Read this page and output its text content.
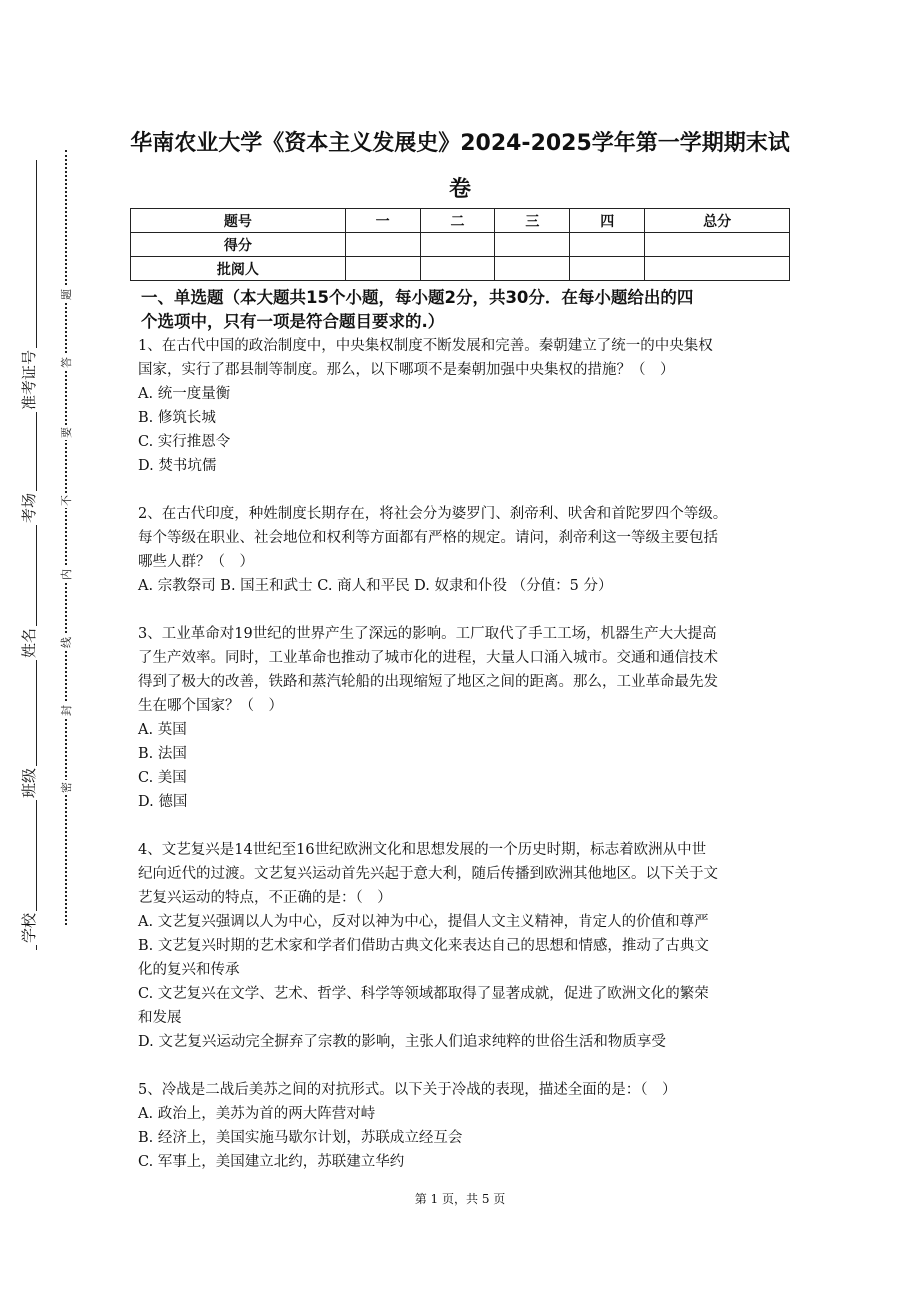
学校
班级
姓名
考场
准考证号
密
封
线
内
不
要
答
题
华南农业大学《资本主义发展史》2024-2025学年第一学期期末试
卷
题号	一	二	三	四	总分
得分					
批阅人					
一、单选题（本大题共15个小题，每小题2分，共30分．在每小题给出的四
个选项中，只有一项是符合题目要求的.）

1、在古代中国的政治制度中，中央集权制度不断发展和完善。秦朝建立了统一的中央集权

国家，实行了郡县制等制度。那么，以下哪项不是秦朝加强中央集权的措施？（　）

A. 统一度量衡

B. 修筑长城

C. 实行推恩令

D. 焚书坑儒

2、在古代印度，种姓制度长期存在，将社会分为婆罗门、刹帝利、吠舍和首陀罗四个等级。

每个等级在职业、社会地位和权利等方面都有严格的规定。请问，刹帝利这一等级主要包括

哪些人群？（　）

A. 宗教祭司 B. 国王和武士 C. 商人和平民 D. 奴隶和仆役 （分值：5 分）

3、工业革命对19世纪的世界产生了深远的影响。工厂取代了手工工场，机器生产大大提高

了生产效率。同时，工业革命也推动了城市化的进程，大量人口涌入城市。交通和通信技术

得到了极大的改善，铁路和蒸汽轮船的出现缩短了地区之间的距离。那么，工业革命最先发

生在哪个国家？（　）

A. 英国

B. 法国

C. 美国

D. 德国

4、文艺复兴是14世纪至16世纪欧洲文化和思想发展的一个历史时期，标志着欧洲从中世

纪向近代的过渡。文艺复兴运动首先兴起于意大利，随后传播到欧洲其他地区。以下关于文

艺复兴运动的特点，不正确的是：（　）

A. 文艺复兴强调以人为中心，反对以神为中心，提倡人文主义精神，肯定人的价值和尊严

B. 文艺复兴时期的艺术家和学者们借助古典文化来表达自己的思想和情感，推动了古典文

化的复兴和传承

C. 文艺复兴在文学、艺术、哲学、科学等领域都取得了显著成就，促进了欧洲文化的繁荣

和发展

D. 文艺复兴运动完全摒弃了宗教的影响，主张人们追求纯粹的世俗生活和物质享受

5、冷战是二战后美苏之间的对抗形式。以下关于冷战的表现，描述全面的是：（　）

A. 政治上，美苏为首的两大阵营对峙

B. 经济上，美国实施马歇尔计划，苏联成立经互会

C. 军事上，美国建立北约，苏联建立华约

第 1 页，共 5 页
